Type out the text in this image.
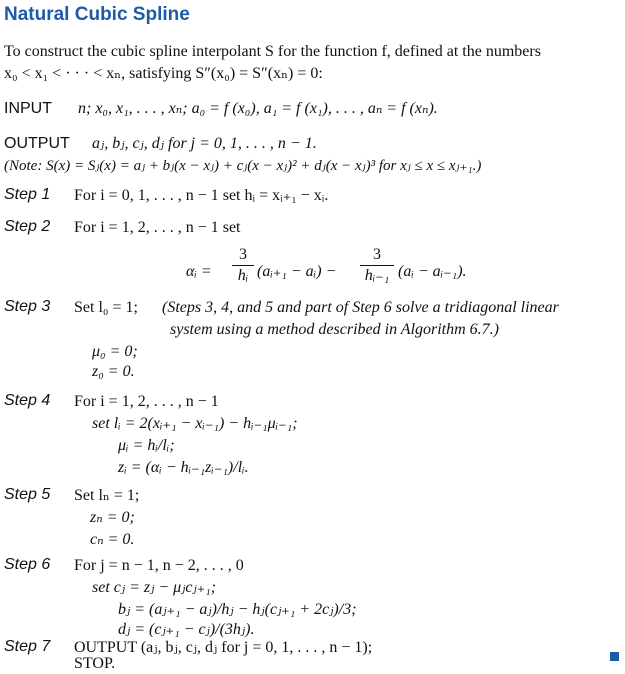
Natural Cubic Spline
To construct the cubic spline interpolant S for the function f, defined at the numbers
x₀ < x₁ < · · · < xₙ, satisfying S″(x₀) = S″(xₙ) = 0:
INPUT n; x₀, x₁, . . . , xₙ; a₀ = f (x₀), a₁ = f (x₁), . . . , aₙ = f (xₙ).
OUTPUT aⱼ, bⱼ, cⱼ, dⱼ for j = 0, 1, . . . , n − 1.
(Note: S(x) = Sⱼ(x) = aⱼ + bⱼ(x − xⱼ) + cⱼ(x − xⱼ)² + dⱼ(x − xⱼ)³ for xⱼ ≤ x ≤ xⱼ₊₁.)
Step 1 For i = 0, 1, . . . , n − 1 set hᵢ = xᵢ₊₁ − xᵢ.
Step 2 For i = 1, 2, . . . , n − 1 set
αᵢ =
3
hᵢ (aᵢ₊₁ − aᵢ) −
3
hᵢ₋₁ (aᵢ − aᵢ₋₁).
Step 3 Set l₀ = 1; (Steps 3, 4, and 5 and part of Step 6 solve a tridiagonal linear
system using a method described in Algorithm 6.7.)
μ₀ = 0;
z₀ = 0.
Step 4 For i = 1, 2, . . . , n − 1
set lᵢ = 2(xᵢ₊₁ − xᵢ₋₁) − hᵢ₋₁μᵢ₋₁;
μᵢ = hᵢ/lᵢ;
zᵢ = (αᵢ − hᵢ₋₁zᵢ₋₁)/lᵢ.
Step 5 Set lₙ = 1;
zₙ = 0;
cₙ = 0.
Step 6 For j = n − 1, n − 2, . . . , 0
set cⱼ = zⱼ − μⱼcⱼ₊₁;
bⱼ = (aⱼ₊₁ − aⱼ)/hⱼ − hⱼ(cⱼ₊₁ + 2cⱼ)/3;
dⱼ = (cⱼ₊₁ − cⱼ)/(3hⱼ).
Step 7 OUTPUT (aⱼ, bⱼ, cⱼ, dⱼ for j = 0, 1, . . . , n − 1);
STOP.
